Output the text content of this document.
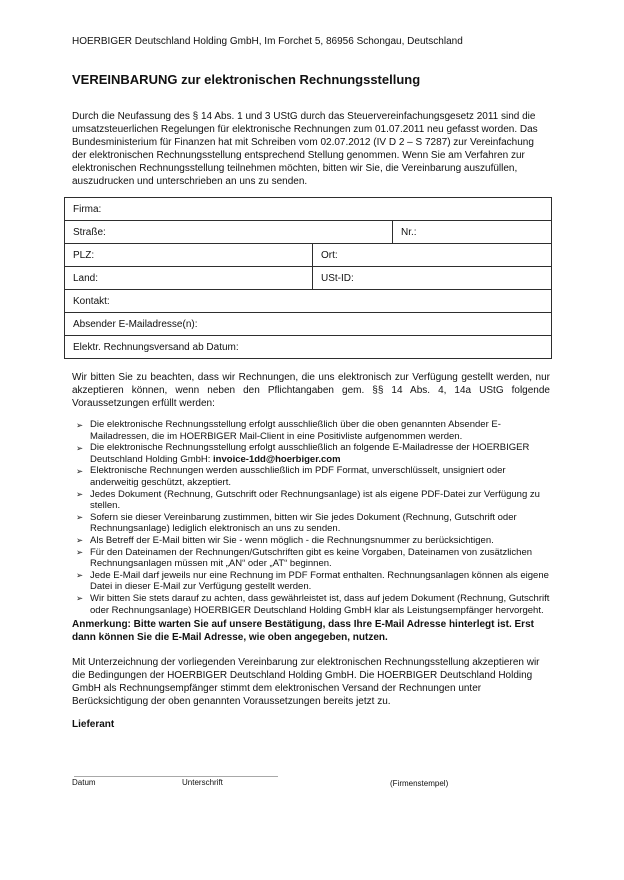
HOERBIGER Deutschland Holding GmbH, Im Forchet 5, 86956 Schongau, Deutschland

VEREINBARUNG zur elektronischen Rechnungsstellung

Durch die Neufassung des § 14 Abs. 1 und 3 UStG durch das Steuervereinfachungsgesetz 2011 sind die umsatzsteuerlichen Regelungen für elektronische Rechnungen zum 01.07.2011 neu gefasst worden. Das Bundesministerium für Finanzen hat mit Schreiben vom 02.07.2012 (IV D 2 – S 7287) zur Vereinfachung der elektronischen Rechnungsstellung entsprechend Stellung genommen. Wenn Sie am Verfahren zur elektronischen Rechnungsstellung teilnehmen möchten, bitten wir Sie, die Vereinbarung auszufüllen, auszudrucken und unterschrieben an uns zu senden.

Firma:		
Straße:		Nr.:
PLZ:	Ort:	
Land:	USt-ID:	
Kontakt:		
Absender E-Mailadresse(n):		
Elektr. Rechnungsversand ab Datum:		

Wir bitten Sie zu beachten, dass wir Rechnungen, die uns elektronisch zur Verfügung gestellt werden, nur akzeptieren können, wenn neben den Pflichtangaben gem. §§ 14 Abs. 4, 14a UStG folgende Voraussetzungen erfüllt werden:

➢ Die elektronische Rechnungsstellung erfolgt ausschließlich über die oben genannten Absender E-Mailadressen, die im HOERBIGER Mail-Client in eine Positivliste aufgenommen werden.
➢ Die elektronische Rechnungsstellung erfolgt ausschließlich an folgende E-Mailadresse der HOERBIGER Deutschland Holding GmbH: invoice-1dd@hoerbiger.com
➢ Elektronische Rechnungen werden ausschließlich im PDF Format, unverschlüsselt, unsigniert oder anderweitig geschützt, akzeptiert.
➢ Jedes Dokument (Rechnung, Gutschrift oder Rechnungsanlage) ist als eigene PDF-Datei zur Verfügung zu stellen.
➢ Sofern sie dieser Vereinbarung zustimmen, bitten wir Sie jedes Dokument (Rechnung, Gutschrift oder Rechnungsanlage) lediglich elektronisch an uns zu senden.
➢ Als Betreff der E-Mail bitten wir Sie - wenn möglich - die Rechnungsnummer zu berücksichtigen.
➢ Für den Dateinamen der Rechnungen/Gutschriften gibt es keine Vorgaben, Dateinamen von zusätzlichen Rechnungsanlagen müssen mit „AN“ oder „AT“ beginnen.
➢ Jede E-Mail darf jeweils nur eine Rechnung im PDF Format enthalten. Rechnungsanlagen können als eigene Datei in dieser E-Mail zur Verfügung gestellt werden.
➢ Wir bitten Sie stets darauf zu achten, dass gewährleistet ist, dass auf jedem Dokument (Rechnung, Gutschrift oder Rechnungsanlage) HOERBIGER Deutschland Holding GmbH klar als Leistungsempfänger hervorgeht.

Anmerkung: Bitte warten Sie auf unsere Bestätigung, dass Ihre E-Mail Adresse hinterlegt ist. Erst dann können Sie die E-Mail Adresse, wie oben angegeben, nutzen.

Mit Unterzeichnung der vorliegenden Vereinbarung zur elektronischen Rechnungsstellung akzeptieren wir die Bedingungen der HOERBIGER Deutschland Holding GmbH. Die HOERBIGER Deutschland Holding GmbH als Rechnungsempfänger stimmt dem elektronischen Versand der Rechnungen unter Berücksichtigung der oben genannten Voraussetzungen bereits jetzt zu.

Lieferant

Datum	Unterschrift	(Firmenstempel)
